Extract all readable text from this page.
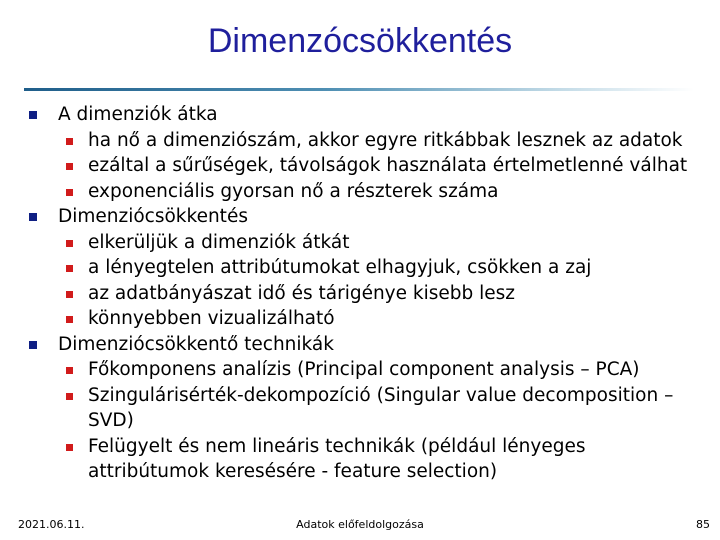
Dimenzócsökkentés
A dimenziók átka
ha nő a dimenziószám, akkor egyre ritkábbak lesznek az adatok
ezáltal a sűrűségek, távolságok használata értelmetlenné válhat
exponenciális gyorsan nő a részterek száma
Dimenziócsökkentés
elkerüljük a dimenziók átkát
a lényegtelen attribútumokat elhagyjuk, csökken a zaj
az adatbányászat idő és tárigénye kisebb lesz
könnyebben vizualizálható
Dimenziócsökkentő technikák
Főkomponens analízis (Principal component analysis – PCA)
Szingulárisérték-dekompozíció (Singular value decomposition – SVD)
Felügyelt és nem lineáris technikák (például lényeges attribútumok keresésére - feature selection)
2021.06.11.	Adatok előfeldolgozása	85
